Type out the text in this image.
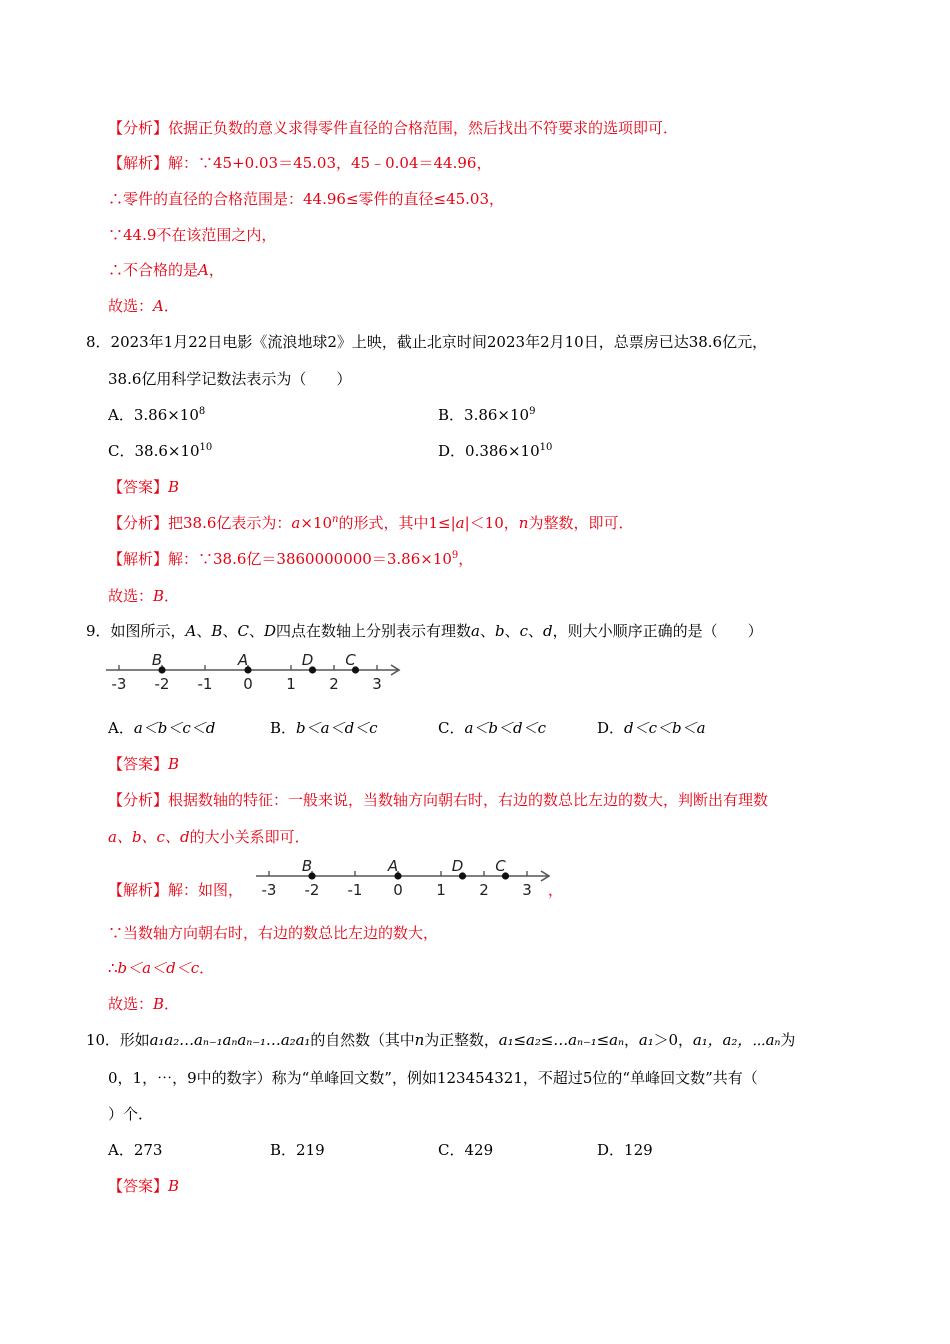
【分析】依据正负数的意义求得零件直径的合格范围，然后找出不符要求的选项即可．
【解析】解：∵45+0.03＝45.03，45﹣0.04＝44.96，
∴零件的直径的合格范围是：44.96≤零件的直径≤45.03，
∵44.9不在该范围之内，
∴不合格的是A，
故选：A．
8．2023年1月22日电影《流浪地球2》上映，截止北京时间2023年2月10日，总票房已达38.6亿元，
38.6亿用科学记数法表示为（　　）
A．$3.86\times 10^8$	B．$3.86\times 10^9$
C．$38.6\times 10^{10}$	D．$0.386\times 10^{10}$
【答案】B
【分析】把38.6亿表示为：$a\times 10^n$的形式，其中1≤|a|＜10，n为整数，即可．
【解析】解：∵38.6亿$=3860000000=3.86\times 10^9$，
故选：B．
9．如图所示，A、B、C、D四点在数轴上分别表示有理数a、b、c、d，则大小顺序正确的是（　　）
-3 -2 -1 0 1 2 3
B	A	D C
A．a＜b＜c＜d	B．b＜a＜d＜c	C．a＜b＜d＜c	D．d＜c＜b＜a
【答案】B
【分析】根据数轴的特征：一般来说，当数轴方向朝右时，右边的数总比左边的数大，判断出有理数
a、b、c、d的大小关系即可．
【解析】解：如图， -3 -2 -1 0 1 2 3
B	A	D C
，
∵当数轴方向朝右时，右边的数总比左边的数大，
∴b＜a＜d＜c．
故选：B．
10．形如a₁a₂…aₙ₋₁aₙaₙ₋₁…a₂a₁的自然数（其中n为正整数，a₁≤a₂≤…aₙ₋₁≤aₙ，a₁＞0，a₁，a₂，⋯aₙ为
0，1，⋯，9中的数字）称为“单峰回文数”，例如123454321，不超过5位的“单峰回文数”共有（
）个．
A．273	B．219	C．429	D．129
【答案】B
